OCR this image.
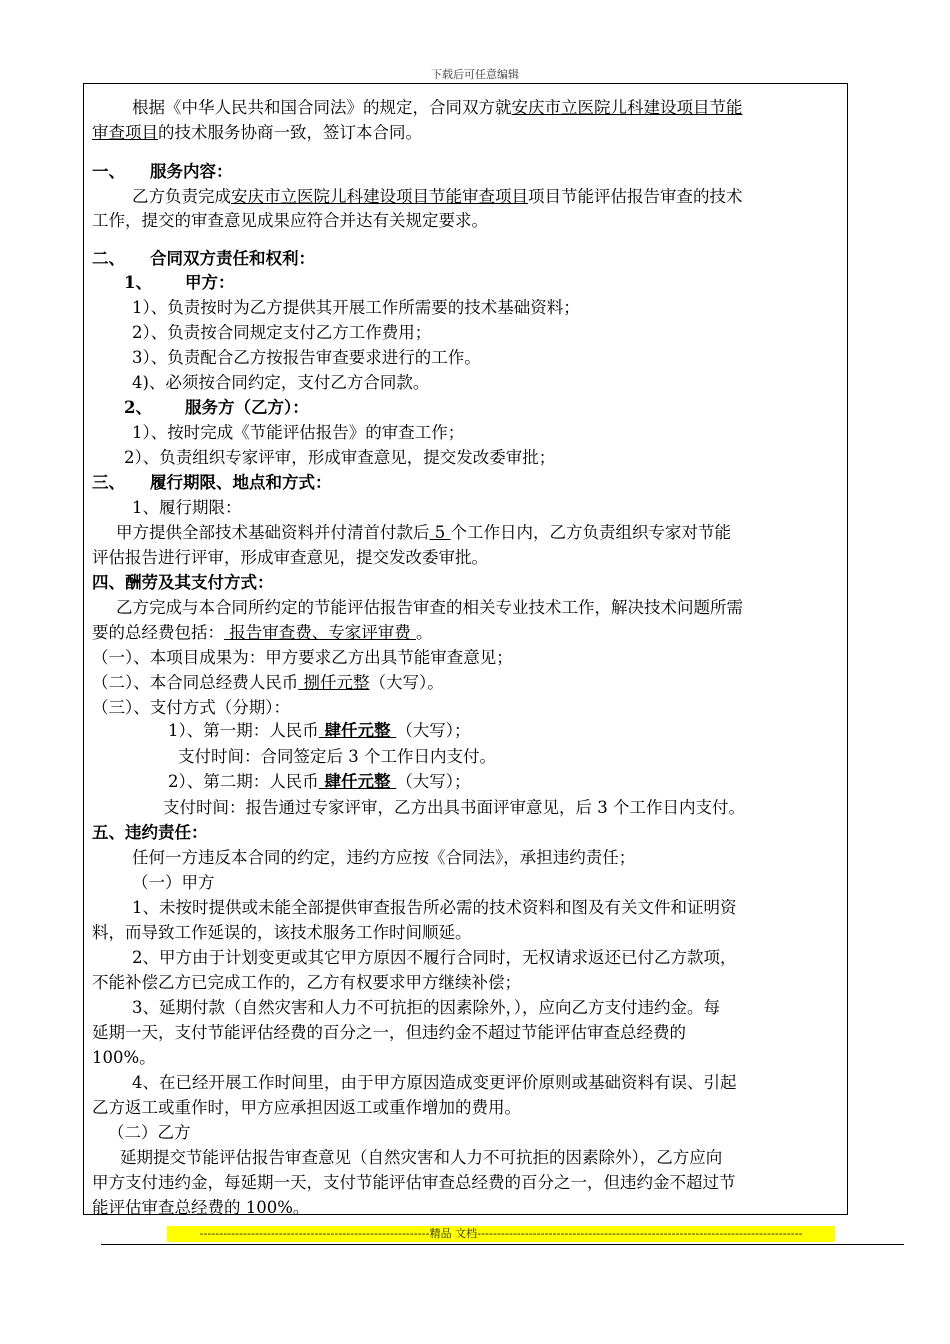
下载后可任意编辑
根据《中华人民共和国合同法》的规定，合同双方就安庆市立医院儿科建设项目节能
审查项目的技术服务协商一致，签订本合同。
一、 服务内容：
乙方负责完成安庆市立医院儿科建设项目节能审查项目项目节能评估报告审查的技术
工作，提交的审查意见成果应符合并达有关规定要求。
二、 合同双方责任和权利：
1、 甲方：
1）、负责按时为乙方提供其开展工作所需要的技术基础资料；
2）、负责按合同规定支付乙方工作费用；
3）、负责配合乙方按报告审查要求进行的工作。
4)、必须按合同约定，支付乙方合同款。
2、 服务方（乙方）：
1）、按时完成《节能评估报告》的审查工作；
2）、负责组织专家评审，形成审查意见，提交发改委审批；
三、 履行期限、地点和方式：
1、履行期限：
甲方提供全部技术基础资料并付清首付款后 5 个工作日内，乙方负责组织专家对节能
评估报告进行评审，形成审查意见，提交发改委审批。
四、酬劳及其支付方式：
乙方完成与本合同所约定的节能评估报告审查的相关专业技术工作，解决技术问题所需
要的总经费包括： 报告审查费、专家评审费 。
（一）、本项目成果为：甲方要求乙方出具节能审查意见；
（二）、本合同总经费人民币 捌仟元整（大写）。
（三）、支付方式（分期）：
1）、第一期：人民币 肆仟元整 （大写）；
支付时间：合同签定后 3 个工作日内支付。
2）、第二期：人民币 肆仟元整 （大写）；
支付时间：报告通过专家评审，乙方出具书面评审意见，后 3 个工作日内支付。
五、违约责任：
任何一方违反本合同的约定，违约方应按《合同法》，承担违约责任；
（一）甲方
1、未按时提供或未能全部提供审查报告所必需的技术资料和图及有关文件和证明资
料，而导致工作延误的，该技术服务工作时间顺延。
2、甲方由于计划变更或其它甲方原因不履行合同时，无权请求返还已付乙方款项，
不能补偿乙方已完成工作的，乙方有权要求甲方继续补偿；
3、延期付款（自然灾害和人力不可抗拒的因素除外，），应向乙方支付违约金。每
延期一天，支付节能评估经费的百分之一，但违约金不超过节能评估审查总经费的
100%。
4、在已经开展工作时间里，由于甲方原因造成变更评价原则或基础资料有误、引起
乙方返工或重作时，甲方应承担因返工或重作增加的费用。
（二）乙方
延期提交节能评估报告审查意见（自然灾害和人力不可抗拒的因素除外），乙方应向
甲方支付违约金，每延期一天，支付节能评估审查总经费的百分之一，但违约金不超过节
能评估审查总经费的 100%。
----------------------------------------------------------精品 文档----------------------------------------------------------------------------------
